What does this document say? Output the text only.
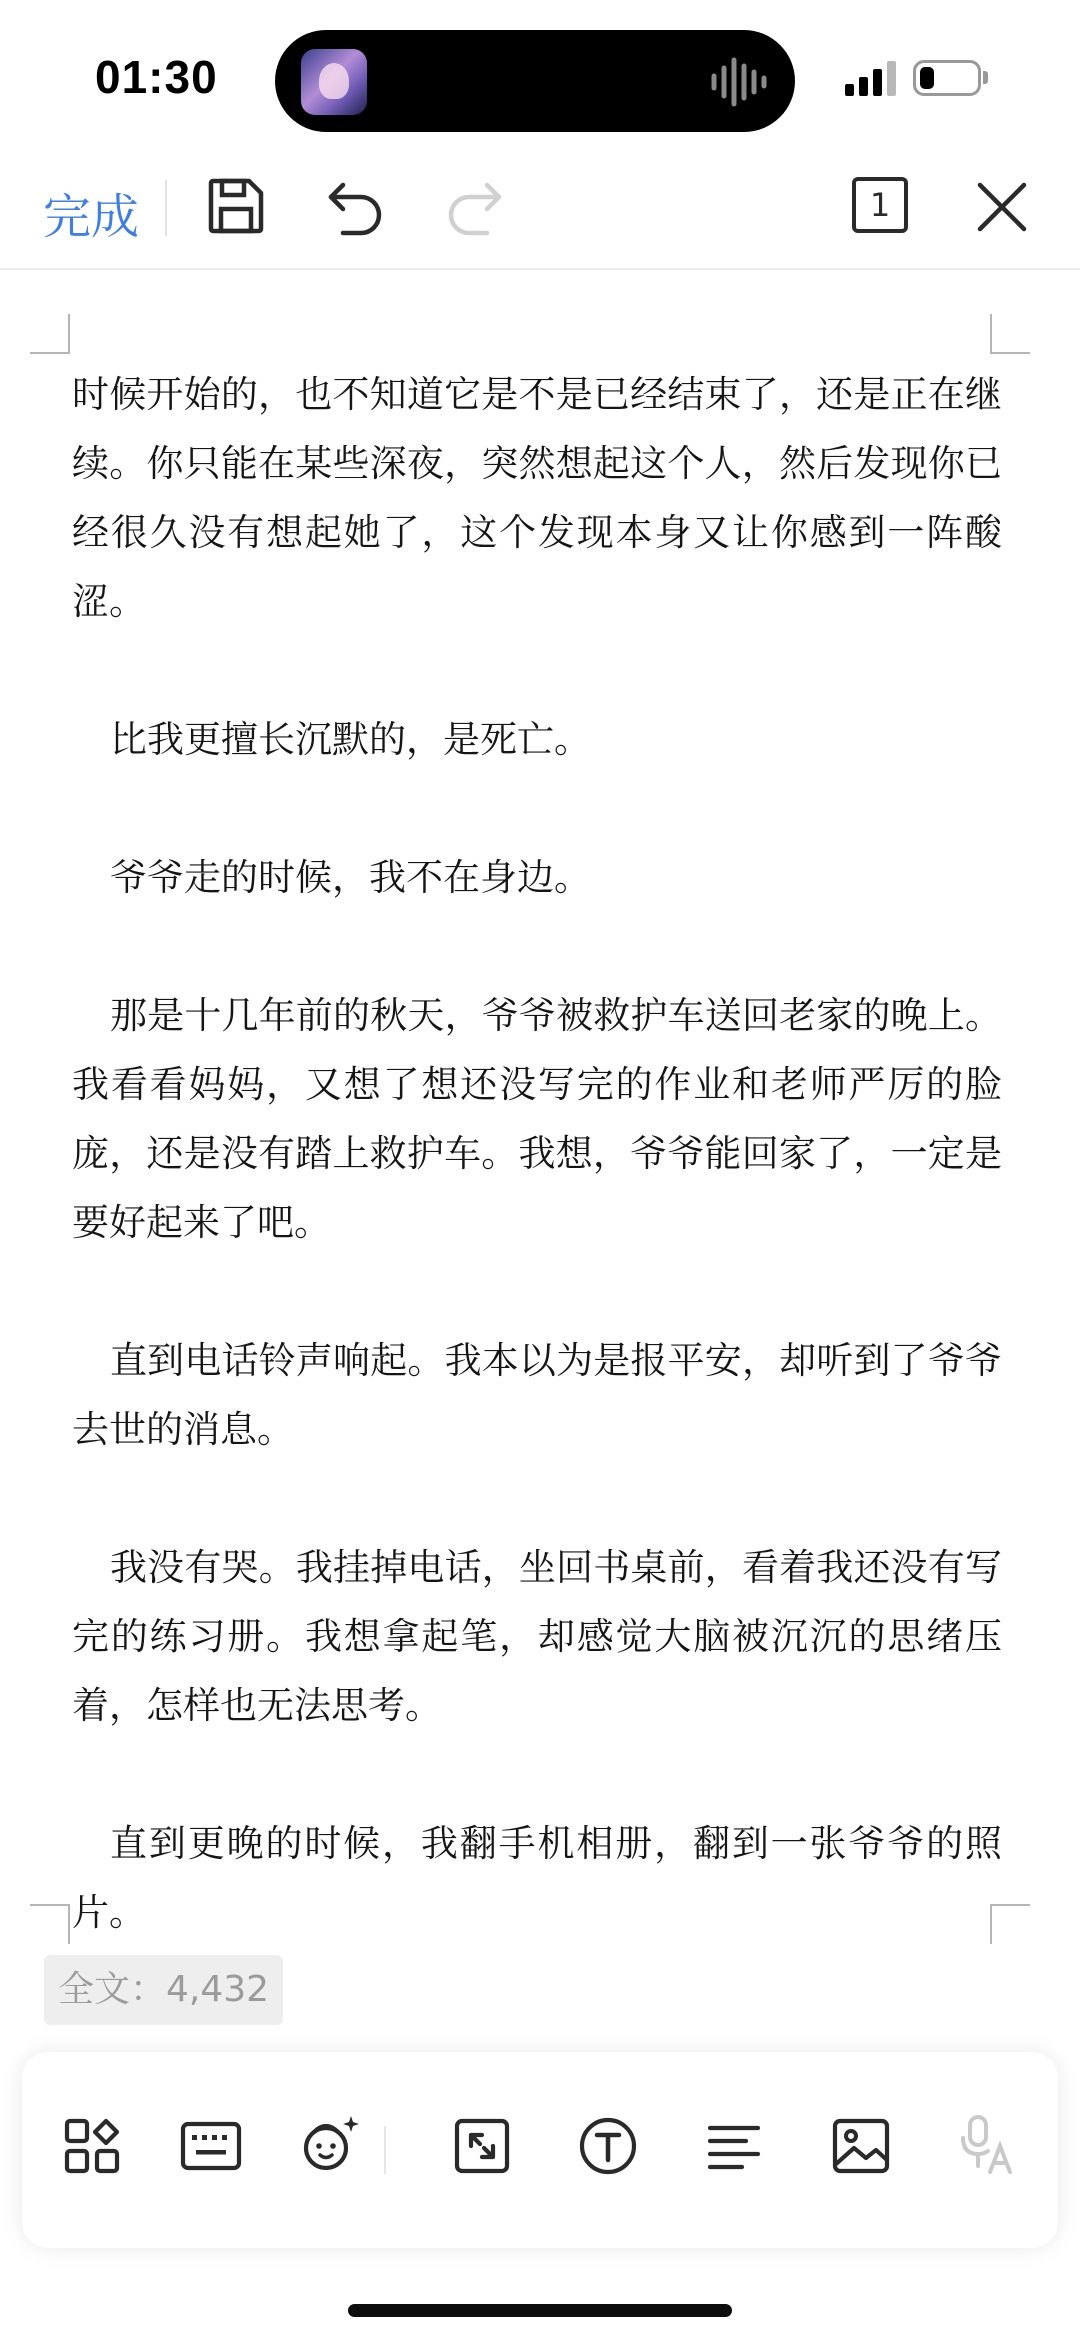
01:30
完成	1

时候开始的，也不知道它是不是已经结束了，还是正在继续。你只能在某些深夜，突然想起这个人，然后发现你已经很久没有想起她了，这个发现本身又让你感到一阵酸涩。

比我更擅长沉默的，是死亡。

爷爷走的时候，我不在身边。

那是十几年前的秋天，爷爷被救护车送回老家的晚上。我看看妈妈，又想了想还没写完的作业和老师严厉的脸庞，还是没有踏上救护车。我想，爷爷能回家了，一定是要好起来了吧。

直到电话铃声响起。我本以为是报平安，却听到了爷爷去世的消息。

我没有哭。我挂掉电话，坐回书桌前，看着我还没有写完的练习册。我想拿起笔，却感觉大脑被沉沉的思绪压着，怎样也无法思考。

直到更晚的时候，我翻手机相册，翻到一张爷爷的照片。

全文：4,432
